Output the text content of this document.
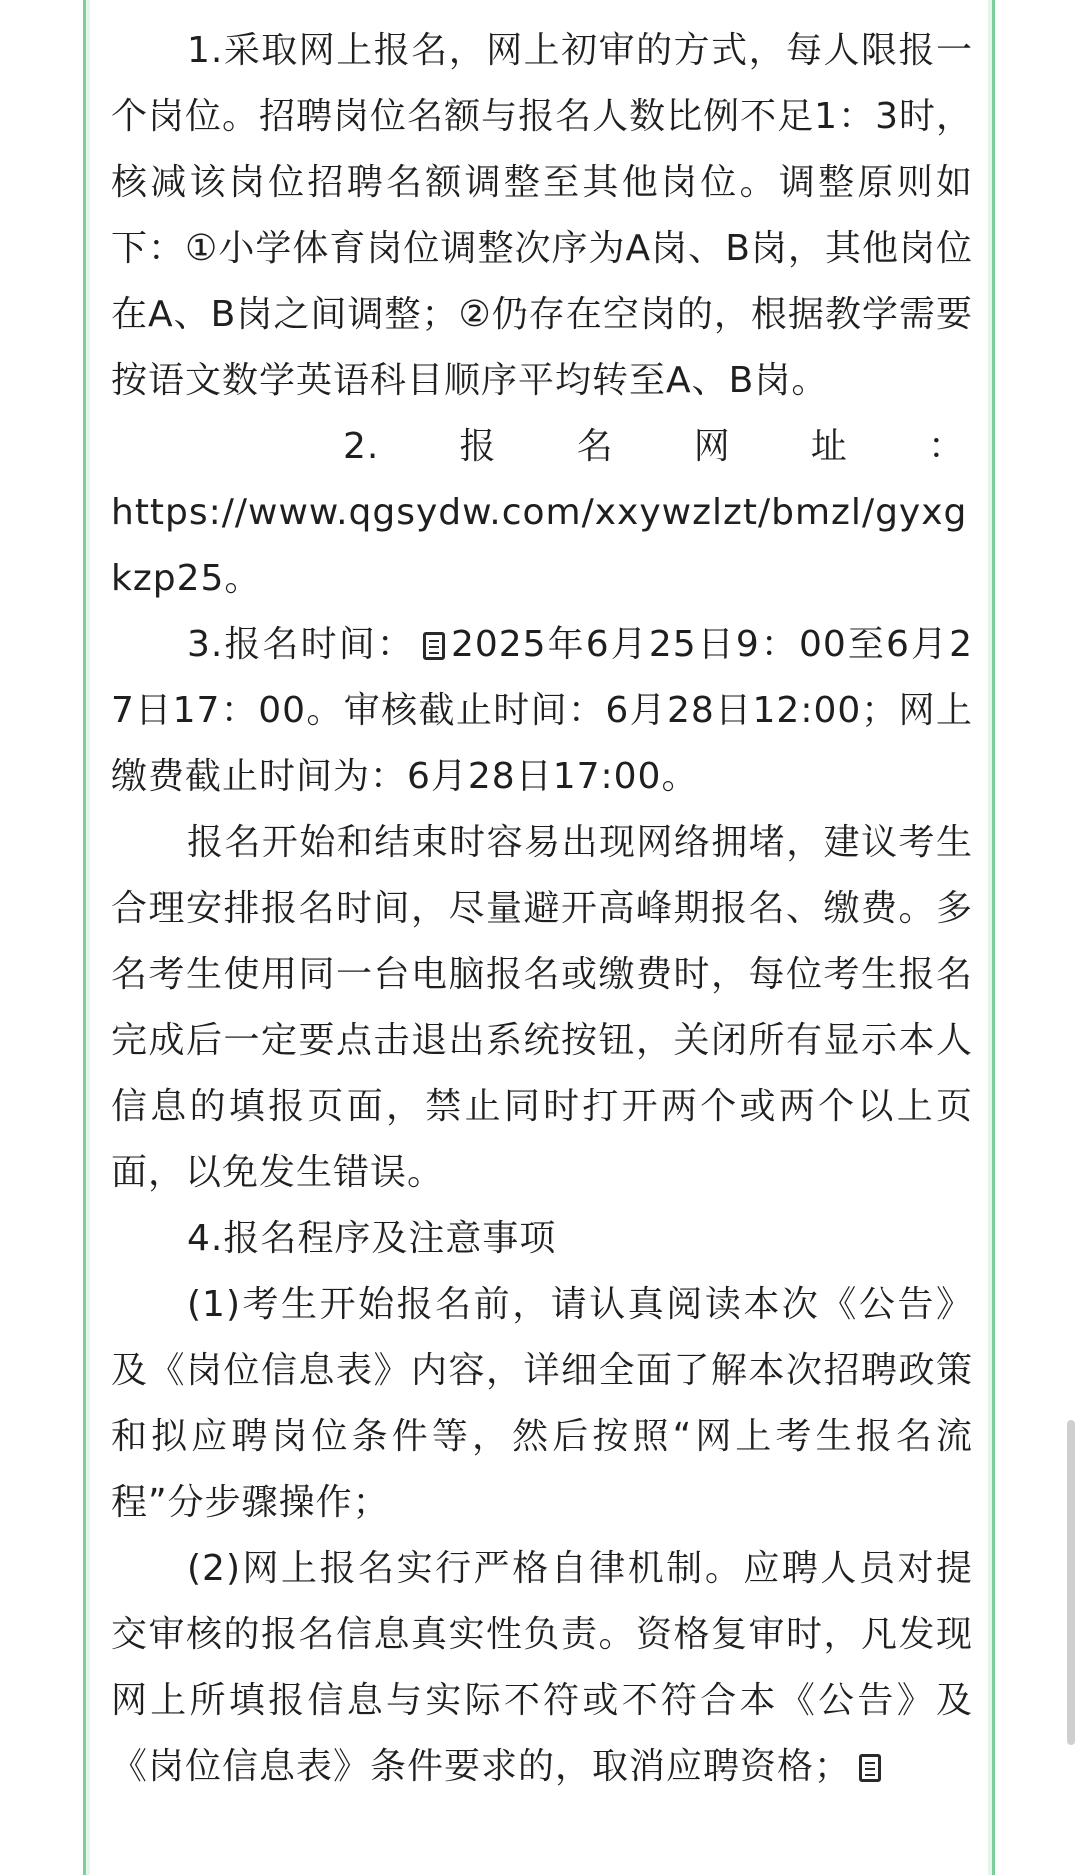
1.采取网上报名，网上初审的方式，每人限报一个岗位。招聘岗位名额与报名人数比例不足1：3时，核减该岗位招聘名额调整至其他岗位。调整原则如下：①小学体育岗位调整次序为A岗、B岗，其他岗位在A、B岗之间调整；②仍存在空岗的，根据教学需要按语文数学英语科目顺序平均转至A、B岗。

2. 报 名 网 址 ：

https://www.qgsydw.com/xxywzlzt/bmzl/gyxgkzp25。

3.报名时间： 2025年6月25日9：00至6月27日17：00。审核截止时间：6月28日12:00；网上缴费截止时间为：6月28日17:00。

报名开始和结束时容易出现网络拥堵，建议考生合理安排报名时间，尽量避开高峰期报名、缴费。多名考生使用同一台电脑报名或缴费时，每位考生报名完成后一定要点击退出系统按钮，关闭所有显示本人信息的填报页面，禁止同时打开两个或两个以上页面，以免发生错误。

4.报名程序及注意事项

(1)考生开始报名前，请认真阅读本次《公告》及《岗位信息表》内容，详细全面了解本次招聘政策和拟应聘岗位条件等，然后按照“网上考生报名流程”分步骤操作；

(2)网上报名实行严格自律机制。应聘人员对提交审核的报名信息真实性负责。资格复审时，凡发现网上所填报信息与实际不符或不符合本《公告》及《岗位信息表》条件要求的，取消应聘资格；
